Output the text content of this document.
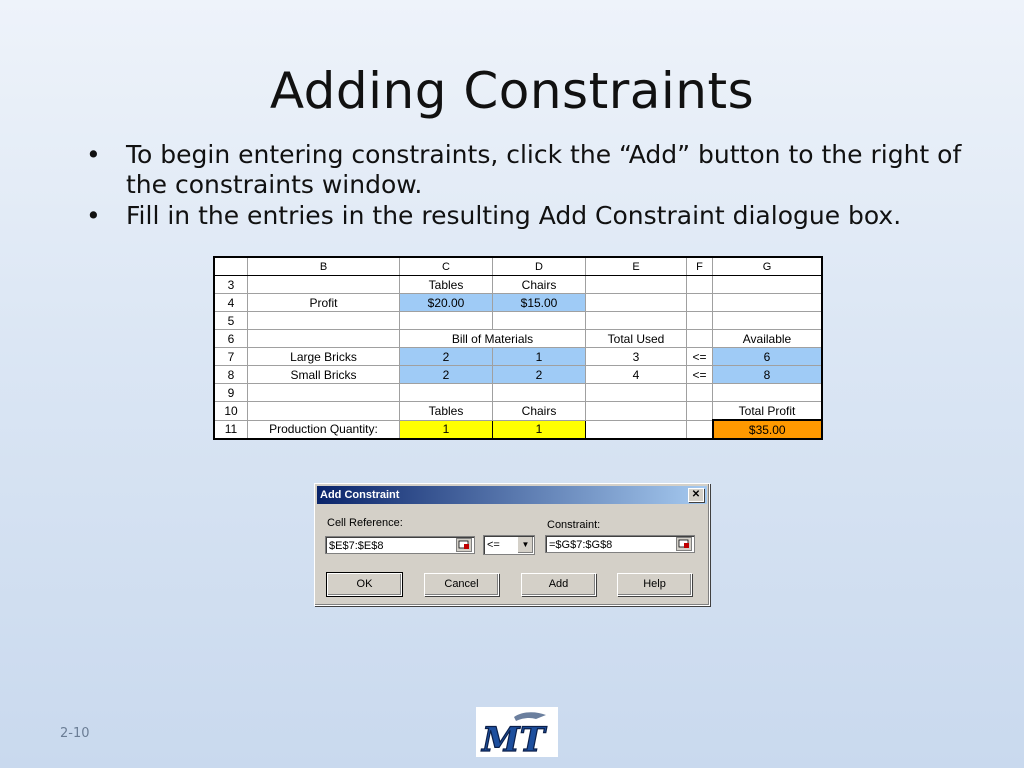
Adding Constraints
• To begin entering constraints, click the “Add” button to the right of the constraints window.
• Fill in the entries in the resulting Add Constraint dialogue box.
	B	C	D	E	F	G
3		Tables	Chairs			
4	Profit	$20.00	$15.00			
5						
6		Bill of Materials		Total Used		Available
7	Large Bricks	2	1	3	<=	6
8	Small Bricks	2	2	4	<=	8
9						
10		Tables	Chairs			Total Profit
11	Production Quantity:	1	1			$35.00
Add Constraint	✕
Cell Reference:
$E$7:$E$8	<=	▼
Constraint:
=$G$7:$G$8
OK	Cancel	Add	Help
2-10	MT
